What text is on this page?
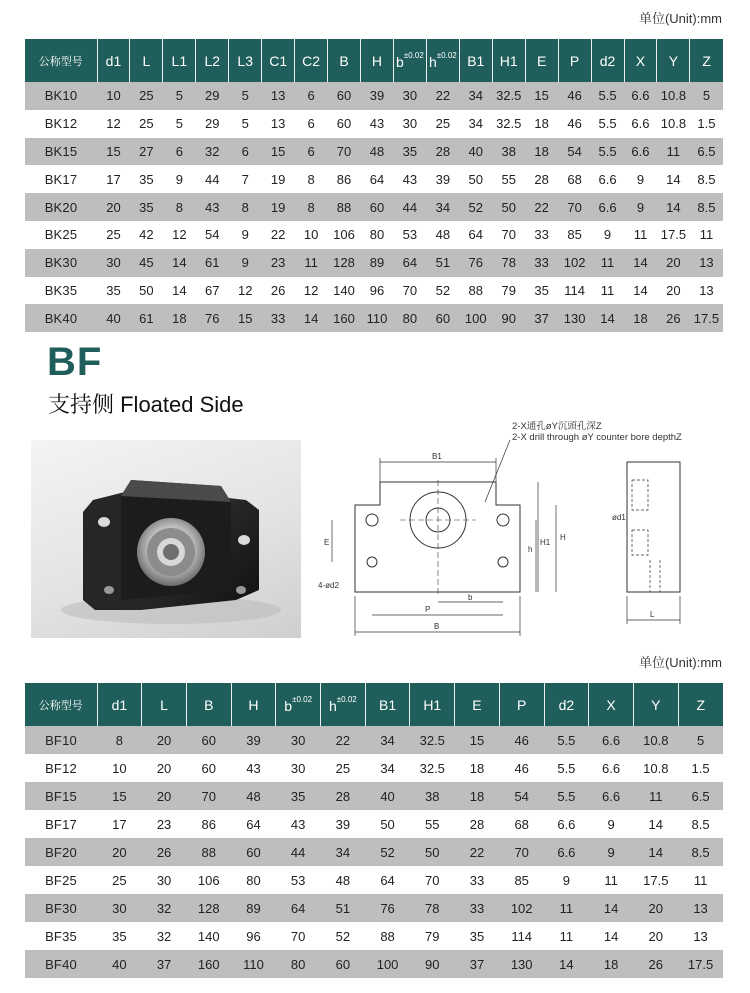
单位(Unit):mm
公称型号	d1	L	L1	L2	L3	C1	C2	B	H	$b^{\pm 0.02}$	$h^{\pm 0.02}$	B1	H1	E	P	d2	X	Y	Z
BK10	10	25	5	29	5	13	6	60	39	30	22	34	32.5	15	46	5.5	6.6	10.8	5
BK12	12	25	5	29	5	13	6	60	43	30	25	34	32.5	18	46	5.5	6.6	10.8	1.5
BK15	15	27	6	32	6	15	6	70	48	35	28	40	38	18	54	5.5	6.6	11	6.5
BK17	17	35	9	44	7	19	8	86	64	43	39	50	55	28	68	6.6	9	14	8.5
BK20	20	35	8	43	8	19	8	88	60	44	34	52	50	22	70	6.6	9	14	8.5
BK25	25	42	12	54	9	22	10	106	80	53	48	64	70	33	85	9	11	17.5	11
BK30	30	45	14	61	9	23	11	128	89	64	51	76	78	33	102	11	14	20	13
BK35	35	50	14	67	12	26	12	140	96	70	52	88	79	35	114	11	14	20	13
BK40	40	61	18	76	15	33	14	160	110	80	60	100	90	37	130	14	18	26	17.5
BF
支持侧 Floated Side
2-X通孔øY沉頭孔深Z
2-X drill through øY counter bore depthZ
B1
E
4-ød2
P
b
B
h
H1
H
ød1
L
单位(Unit):mm
公称型号	d1	L	B	H	$b^{\pm 0.02}$	$h^{\pm 0.02}$	B1	H1	E	P	d2	X	Y	Z
BF10	8	20	60	39	30	22	34	32.5	15	46	5.5	6.6	10.8	5
BF12	10	20	60	43	30	25	34	32.5	18	46	5.5	6.6	10.8	1.5
BF15	15	20	70	48	35	28	40	38	18	54	5.5	6.6	11	6.5
BF17	17	23	86	64	43	39	50	55	28	68	6.6	9	14	8.5
BF20	20	26	88	60	44	34	52	50	22	70	6.6	9	14	8.5
BF25	25	30	106	80	53	48	64	70	33	85	9	11	17.5	11
BF30	30	32	128	89	64	51	76	78	33	102	11	14	20	13
BF35	35	32	140	96	70	52	88	79	35	114	11	14	20	13
BF40	40	37	160	110	80	60	100	90	37	130	14	18	26	17.5
